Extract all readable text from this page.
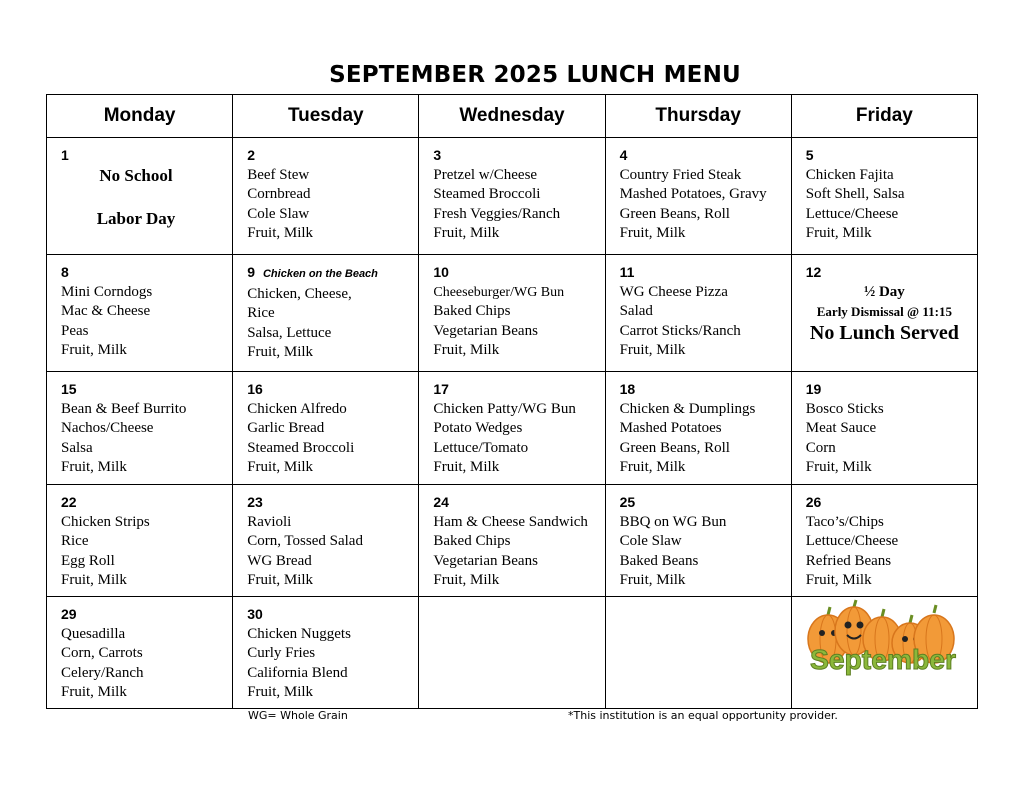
SEPTEMBER 2025 LUNCH MENU
Monday	Tuesday	Wednesday	Thursday	Friday

1
No School
Labor Day	2
Beef Stew
Cornbread
Cole Slaw
Fruit, Milk	3
Pretzel w/Cheese
Steamed Broccoli
Fresh Veggies/Ranch
Fruit, Milk	4
Country Fried Steak
Mashed Potatoes, Gravy
Green Beans, Roll
Fruit, Milk	5
Chicken Fajita
Soft Shell, Salsa
Lettuce/Cheese
Fruit, Milk

8
Mini Corndogs
Mac & Cheese
Peas
Fruit, Milk	9 Chicken on the Beach
Chicken, Cheese,
Rice
Salsa, Lettuce
Fruit, Milk	10
Cheeseburger/WG Bun
Baked Chips
Vegetarian Beans
Fruit, Milk	11
WG Cheese Pizza
Salad
Carrot Sticks/Ranch
Fruit, Milk	12
½ Day
Early Dismissal @ 11:15
No Lunch Served

15
Bean & Beef Burrito
Nachos/Cheese
Salsa
Fruit, Milk	16
Chicken Alfredo
Garlic Bread
Steamed Broccoli
Fruit, Milk	17
Chicken Patty/WG Bun
Potato Wedges
Lettuce/Tomato
Fruit, Milk	18
Chicken & Dumplings
Mashed Potatoes
Green Beans, Roll
Fruit, Milk	19
Bosco Sticks
Meat Sauce
Corn
Fruit, Milk

22
Chicken Strips
Rice
Egg Roll
Fruit, Milk	23
Ravioli
Corn, Tossed Salad
WG Bread
Fruit, Milk	24
Ham & Cheese Sandwich
Baked Chips
Vegetarian Beans
Fruit, Milk	25
BBQ on WG Bun
Cole Slaw
Baked Beans
Fruit, Milk	26
Taco’s/Chips
Lettuce/Cheese
Refried Beans
Fruit, Milk

29
Quesadilla
Corn, Carrots
Celery/Ranch
Fruit, Milk	30
Chicken Nuggets
Curly Fries
California Blend
Fruit, Milk			September
WG= Whole Grain	*This institution is an equal opportunity provider.
